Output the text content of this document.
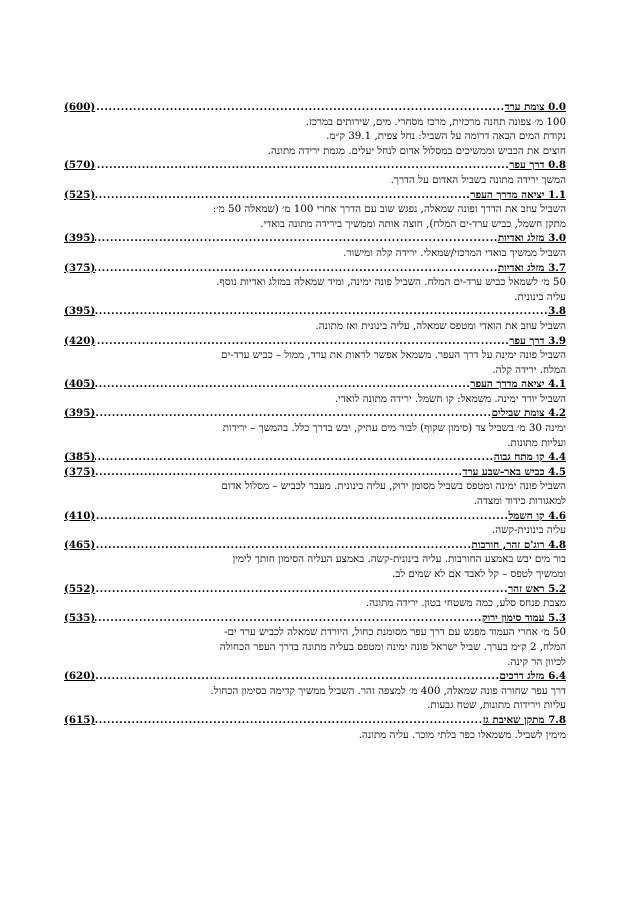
0.0 צומת ערד
.....
(600)
100 מ׳ צפונה תחנה מרכזית, מרכז מסחרי. מים, שירותים במרכז.
נקודת המים הבאה דרומה על השביל: נחל צפית, 39.1 ק״מ.
חוצים את הכביש וממשיכים במסלול אדום לנחל יעלים. מגמת ירידה מתונה.
0.8 דרך עפר
.....
(570)
המשך ירידה מתונה בשביל האדום על הדרך.
1.1 יציאה מדרך העפר
.....
(525)
השביל עוזב את הדרך ופונה שמאלה, נפגש שוב עם הדרך אחרי 100 מ׳ (שמאלה 50 מ׳:
מתקן חשמל, כביש ערד-ים המלח), חוצה אותה וממשיך בירידה מתונה בואדי.
3.0 מזלג ואדיות
.....
(395)
השביל ממשיך בואדי המרכזי/שמאלי. ירידה קלה ומישור.
3.7 מזלג ואדיות
.....
(375)
50 מ׳ לשמאל כביש ערד-ים המלח. השביל פונה ימינה, ומיד שמאלה במזלג ואדיות נוסף.
עליה בינונית.
3.8
.....
(395)
השביל עוזב את הואדי ומטפס שמאלה, עליה בינונית ואז מתונה.
3.9 דרך עפר
.....
(420)
השביל פונה ימינה על דרך העפר. משמאל אפשר לראות את ערד, ממול – כביש ערד-ים
המלח. ירידה קלה.
4.1 יציאה מדרך העפר
.....
(405)
השביל יורד ימינה. משמאל: קו חשמל. ירידה מתונה לואדי.
4.2 צומת שבילים
.....
(395)
ימינה 30 מ׳ בשביל צד (סימון שקוף) לבור מים עתיק, יבש בדרך כלל. בהמשך – ירידות
ועליות מתונות.
4.4 קו מתח גבוה
.....
(385)
4.5 כביש באר-שבע ערד
.....
(375)
השביל פונה ימינה ומטפס בשביל מסומן ירוק, עליה בינונית. מעבר לכביש – מסלול אדום
למאגורות כידוד ומצדה.
4.6 קו חשמל
.....
(410)
עליה בינונית-קשה.
4.8 רוג'ם זהר, חורבות
.....
(465)
בור מים יבש באמצע החורבות. עליה בינונית-קשה. באמצע העליה הסימון חותך לימין
וממשיך לטפס – קל לאבד אם לא שמים לב.
5.2 ראש זהר
.....
(552)
מצבת פנחס סלע, כמה משטחי בטון. ירידה מתונה.
5.3 עמוד סימון ירוק
.....
(535)
50 מ׳ אחרי העמוד מפגש עם דרך עפר מסומנת כחול, היורדת שמאלה לכביש ערד ים-
המלח, 2 ק״מ בערך. שביל ישראל פונה ימינה ומטפס בעליה מתונה בדרך העפר הכחולה
לכיוון הר קינה.
6.4 מזלג דרכים
.....
(620)
דרך עפר שחורה פונה שמאלה, 400 מ׳ למצפה זהר. השביל ממשיך קדימה בסימון הכחול.
עליות וירידות מתונות, שטח גבעות.
7.8 מתקן שאיבת גז
.....
(615)
מימין לשביל. משמאלו כפר בלתי מוכר. עליה מתונה.
